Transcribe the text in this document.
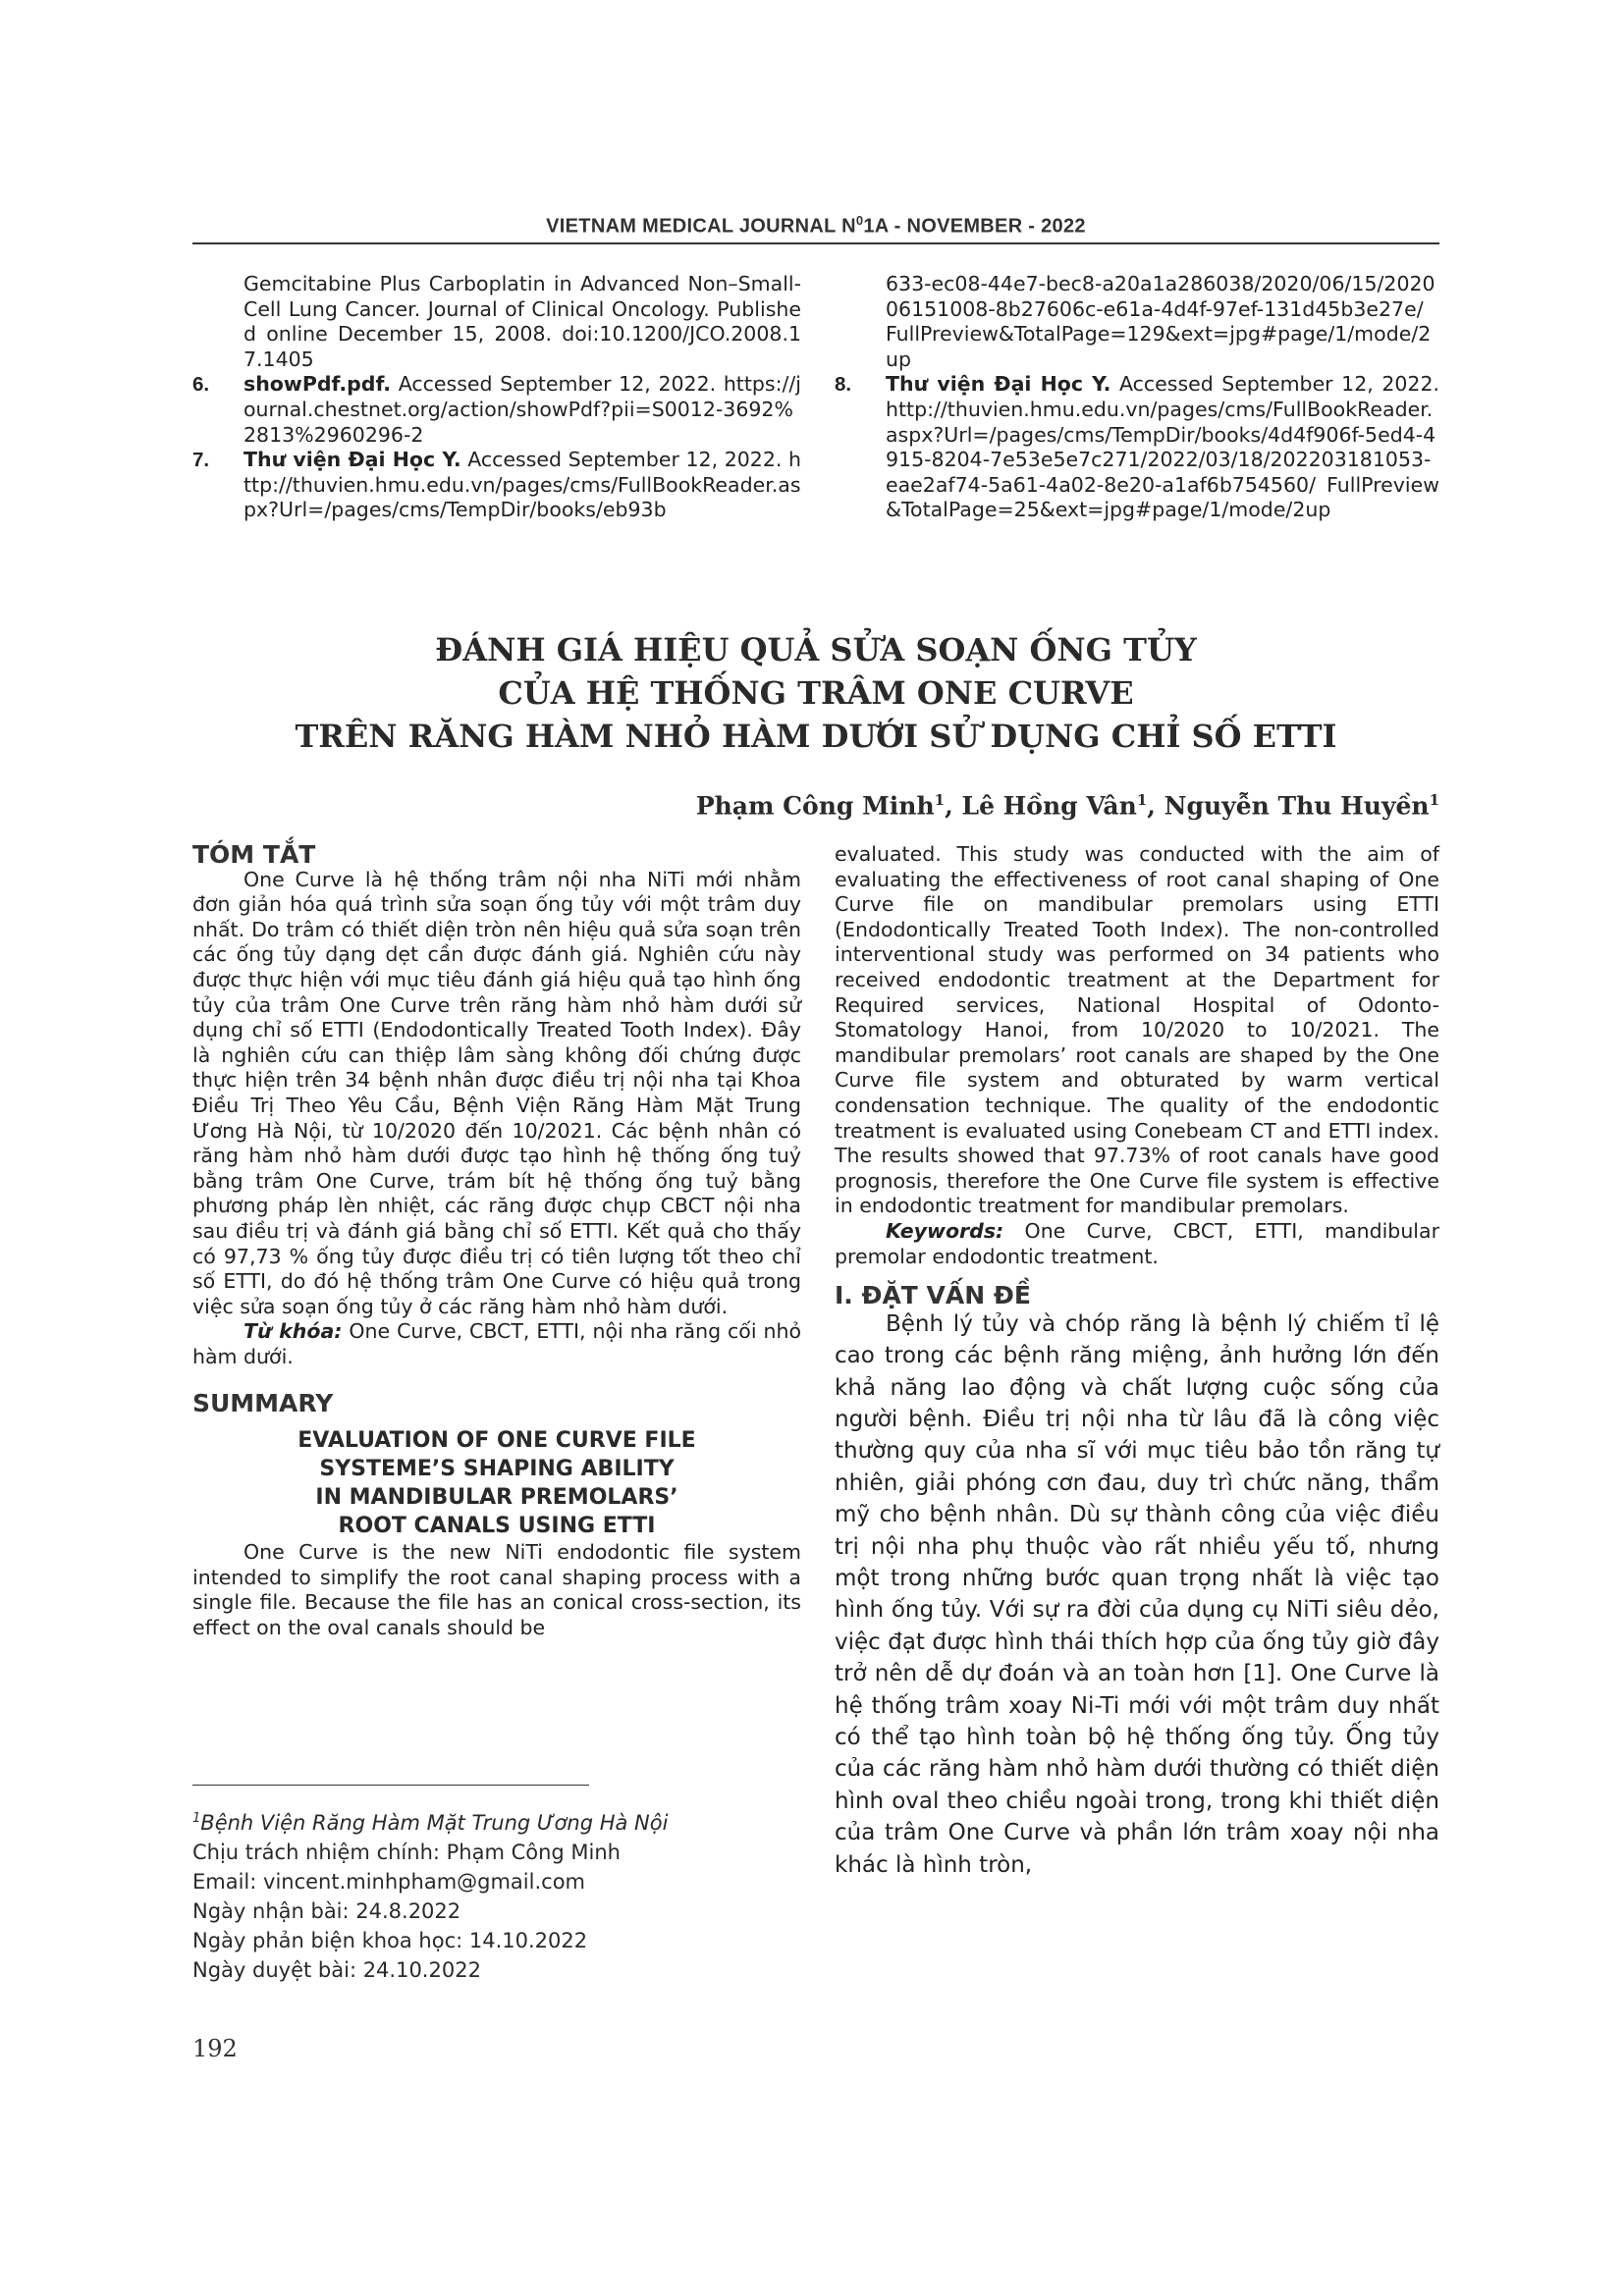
VIETNAM MEDICAL JOURNAL $N^01A$ - NOVEMBER - 2022
Gemcitabine Plus Carboplatin in Advanced Non–Small-Cell Lung Cancer. Journal of Clinical Oncology. Published online December 15, 2008. doi:10.1200/JCO.2008.17.1405
6.	showPdf.pdf. Accessed September 12, 2022. https://journal.chestnet.org/action/showPdf?pii=S0012-3692%2813%2960296-2
7.	Thư viện Đại Học Y. Accessed September 12, 2022. http://thuvien.hmu.edu.vn/pages/cms/FullBookReader.aspx?Url=/pages/cms/TempDir/books/eb93b
633-ec08-44e7-bec8-a20a1a286038/2020/06/15/202006151008-8b27606c-e61a-4d4f-97ef-131d45b3e27e/ FullPreview&TotalPage=129&ext=jpg#page/1/mode/2up
8.	Thư viện Đại Học Y. Accessed September 12, 2022. http://thuvien.hmu.edu.vn/pages/cms/FullBookReader.aspx?Url=/pages/cms/TempDir/books/4d4f906f-5ed4-4915-8204-7e53e5e7c271/2022/03/18/202203181053-eae2af74-5a61-4a02-8e20-a1af6b754560/ FullPreview&TotalPage=25&ext=jpg#page/1/mode/2up
ĐÁNH GIÁ HIỆU QUẢ SỬA SOẠN ỐNG TỦY
CỦA HỆ THỐNG TRÂM ONE CURVE
TRÊN RĂNG HÀM NHỎ HÀM DƯỚI SỬ DỤNG CHỈ SỐ ETTI
Phạm Công Minh$^1$, Lê Hồng Vân$^1$, Nguyễn Thu Huyền$^1$
TÓM TẮT

One Curve là hệ thống trâm nội nha NiTi mới nhằm đơn giản hóa quá trình sửa soạn ống tủy với một trâm duy nhất. Do trâm có thiết diện tròn nên hiệu quả sửa soạn trên các ống tủy dạng dẹt cần được đánh giá. Nghiên cứu này được thực hiện với mục tiêu đánh giá hiệu quả tạo hình ống tủy của trâm One Curve trên răng hàm nhỏ hàm dưới sử dụng chỉ số ETTI (Endodontically Treated Tooth Index). Đây là nghiên cứu can thiệp lâm sàng không đối chứng được thực hiện trên 34 bệnh nhân được điều trị nội nha tại Khoa Điều Trị Theo Yêu Cầu, Bệnh Viện Răng Hàm Mặt Trung Ương Hà Nội, từ 10/2020 đến 10/2021. Các bệnh nhân có răng hàm nhỏ hàm dưới được tạo hình hệ thống ống tuỷ bằng trâm One Curve, trám bít hệ thống ống tuỷ bằng phương pháp lèn nhiệt, các răng được chụp CBCT nội nha sau điều trị và đánh giá bằng chỉ số ETTI. Kết quả cho thấy có 97,73 % ống tủy được điều trị có tiên lượng tốt theo chỉ số ETTI, do đó hệ thống trâm One Curve có hiệu quả trong việc sửa soạn ống tủy ở các răng hàm nhỏ hàm dưới.

Từ khóa: One Curve, CBCT, ETTI, nội nha răng cối nhỏ hàm dưới.

SUMMARY

EVALUATION OF ONE CURVE FILE

SYSTEME’S SHAPING ABILITY

IN MANDIBULAR PREMOLARS’

ROOT CANALS USING ETTI

One Curve is the new NiTi endodontic file system intended to simplify the root canal shaping process with a single file. Because the file has an conical cross-section, its effect on the oval canals should be

evaluated. This study was conducted with the aim of evaluating the effectiveness of root canal shaping of One Curve file on mandibular premolars using ETTI (Endodontically Treated Tooth Index). The non-controlled interventional study was performed on 34 patients who received endodontic treatment at the Department for Required services, National Hospital of Odonto-Stomatology Hanoi, from 10/2020 to 10/2021. The mandibular premolars’ root canals are shaped by the One Curve file system and obturated by warm vertical condensation technique. The quality of the endodontic treatment is evaluated using Conebeam CT and ETTI index. The results showed that 97.73% of root canals have good prognosis, therefore the One Curve file system is effective in endodontic treatment for mandibular premolars.

Keywords: One Curve, CBCT, ETTI, mandibular premolar endodontic treatment.

I. ĐẶT VẤN ĐỀ

Bệnh lý tủy và chóp răng là bệnh lý chiếm tỉ lệ cao trong các bệnh răng miệng, ảnh hưởng lớn đến khả năng lao động và chất lượng cuộc sống của người bệnh. Điều trị nội nha từ lâu đã là công việc thường quy của nha sĩ với mục tiêu bảo tồn răng tự nhiên, giải phóng cơn đau, duy trì chức năng, thẩm mỹ cho bệnh nhân. Dù sự thành công của việc điều trị nội nha phụ thuộc vào rất nhiều yếu tố, nhưng một trong những bước quan trọng nhất là việc tạo hình ống tủy. Với sự ra đời của dụng cụ NiTi siêu dẻo, việc đạt được hình thái thích hợp của ống tủy giờ đây trở nên dễ dự đoán và an toàn hơn [1]. One Curve là hệ thống trâm xoay Ni-Ti mới với một trâm duy nhất có thể tạo hình toàn bộ hệ thống ống tủy. Ống tủy của các răng hàm nhỏ hàm dưới thường có thiết diện hình oval theo chiều ngoài trong, trong khi thiết diện của trâm One Curve và phần lớn trâm xoay nội nha khác là hình tròn,

$^1$Bệnh Viện Răng Hàm Mặt Trung Ương Hà Nội
Chịu trách nhiệm chính: Phạm Công Minh
Email: vincent.minhpham@gmail.com
Ngày nhận bài: 24.8.2022
Ngày phản biện khoa học: 14.10.2022
Ngày duyệt bài: 24.10.2022
192
